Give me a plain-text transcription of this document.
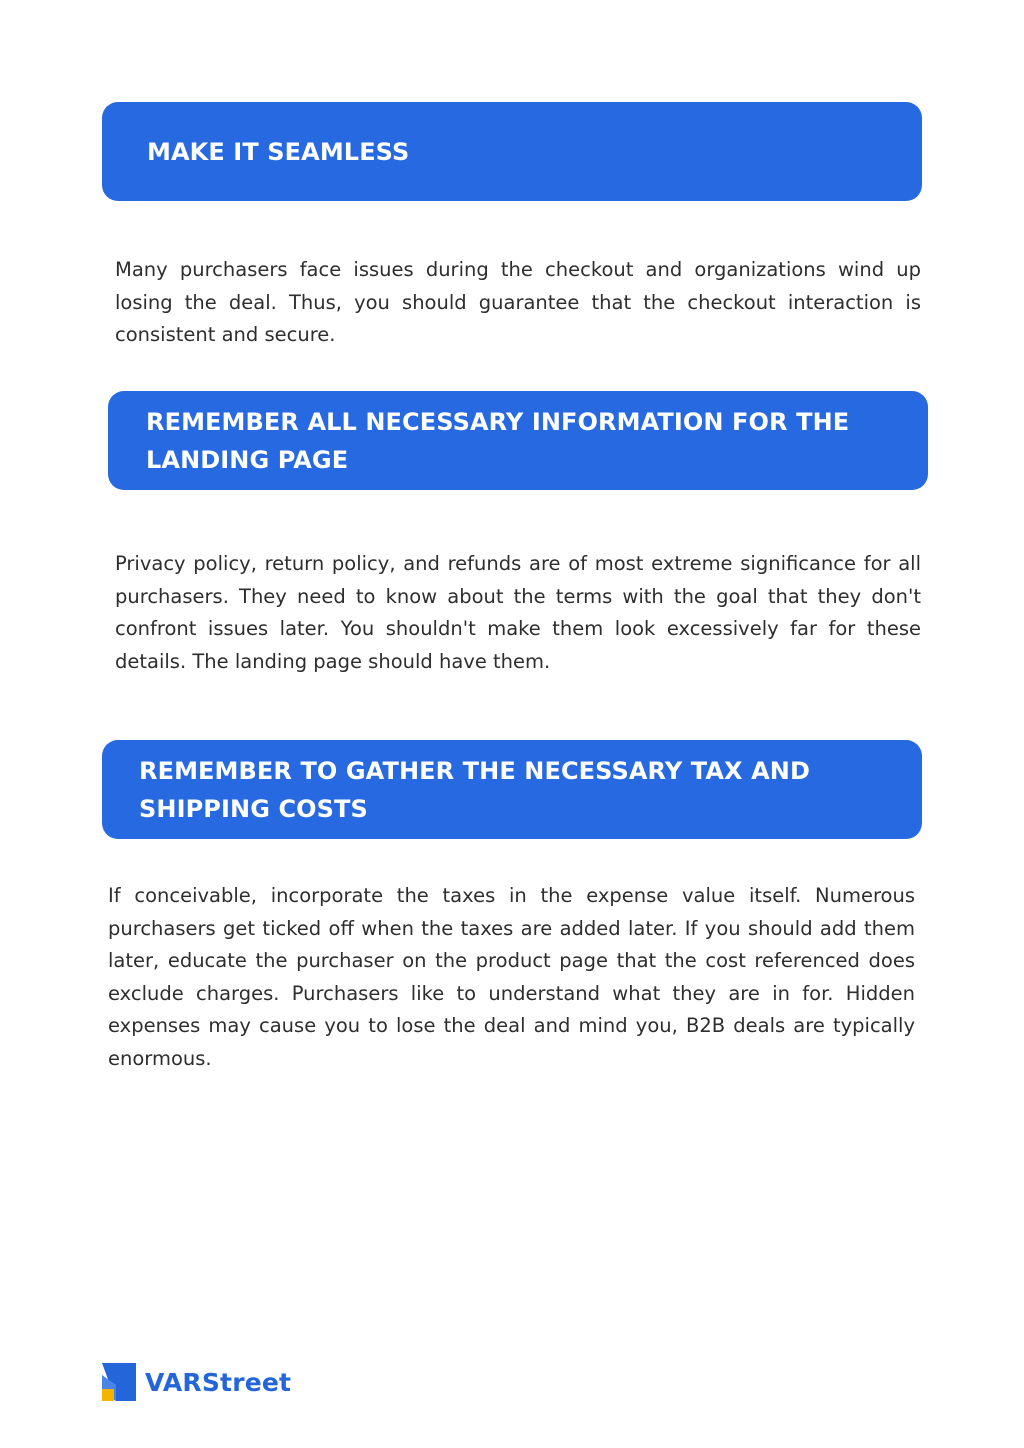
MAKE IT SEAMLESS

Many purchasers face issues during the checkout and organizations wind up losing the deal. Thus, you should guarantee that the checkout interaction is consistent and secure.

REMEMBER ALL NECESSARY INFORMATION FOR THE LANDING PAGE

Privacy policy, return policy, and refunds are of most extreme significance for all purchasers. They need to know about the terms with the goal that they don't confront issues later. You shouldn't make them look excessively far for these details. The landing page should have them.

REMEMBER TO GATHER THE NECESSARY TAX AND SHIPPING COSTS

If conceivable, incorporate the taxes in the expense value itself. Numerous purchasers get ticked off when the taxes are added later. If you should add them later, educate the purchaser on the product page that the cost referenced does exclude charges. Purchasers like to understand what they are in for. Hidden expenses may cause you to lose the deal and mind you, B2B deals are typically enormous.

VARStreet
